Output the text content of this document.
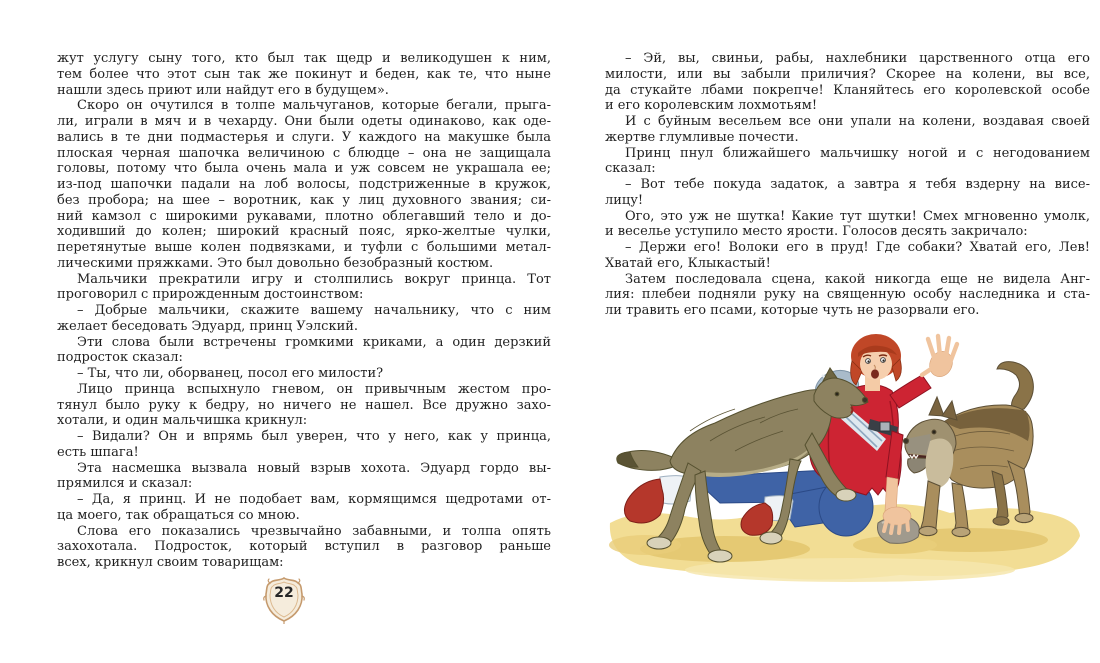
жут услугу сыну того, кто был так щедр и великодушен к ним,
тем более что этот сын так же покинут и беден, как те, что ныне
нашли здесь приют или найдут его в будущем».
Скоро он очутился в толпе мальчуганов, которые бегали, прыга-
ли, играли в мяч и в чехарду. Они были одеты одинаково, как оде-
вались в те дни подмастерья и слуги. У каждого на макушке была
плоская черная шапочка величиною с блюдце – она не защищала
головы, потому что была очень мала и уж совсем не украшала ее;
из-под шапочки падали на лоб волосы, подстриженные в кружок,
без пробора; на шее – воротник, как у лиц духовного звания; си-
ний камзол с широкими рукавами, плотно облегавший тело и до-
ходивший до колен; широкий красный пояс, ярко-желтые чулки,
перетянутые выше колен подвязками, и туфли с большими метал-
лическими пряжками. Это был довольно безобразный костюм.
Мальчики прекратили игру и столпились вокруг принца. Тот
проговорил с прирожденным достоинством:
– Добрые мальчики, скажите вашему начальнику, что с ним
желает беседовать Эдуард, принц Уэлский.
Эти слова были встречены громкими криками, а один дерзкий
подросток сказал:
– Ты, что ли, оборванец, посол его милости?
Лицо принца вспыхнуло гневом, он привычным жестом про-
тянул было руку к бедру, но ничего не нашел. Все дружно захо-
хотали, и один мальчишка крикнул:
– Видали? Он и впрямь был уверен, что у него, как у принца,
есть шпага!
Эта насмешка вызвала новый взрыв хохота. Эдуард гордо вы-
прямился и сказал:
– Да, я принц. И не подобает вам, кормящимся щедротами от-
ца моего, так обращаться со мною.
Слова его показались чрезвычайно забавными, и толпа опять
захохотала. Подросток, который вступил в разговор раньше
всех, крикнул своим товарищам:
– Эй, вы, свиньи, рабы, нахлебники царственного отца его
милости, или вы забыли приличия? Скорее на колени, вы все,
да стукайте лбами покрепче! Кланяйтесь его королевской особе
и его королевским лохмотьям!
И с буйным весельем все они упали на колени, воздавая своей
жертве глумливые почести.
Принц пнул ближайшего мальчишку ногой и с негодованием
сказал:
– Вот тебе покуда задаток, а завтра я тебя вздерну на висе-
лицу!
Ого, это уж не шутка! Какие тут шутки! Смех мгновенно умолк,
и веселье уступило место ярости. Голосов десять закричало:
– Держи его! Волоки его в пруд! Где собаки? Хватай его, Лев!
Хватай его, Клыкастый!
Затем последовала сцена, какой никогда еще не видела Анг-
лия: плебеи подняли руку на священную особу наследника и ста-
ли травить его псами, которые чуть не разорвали его.
22
